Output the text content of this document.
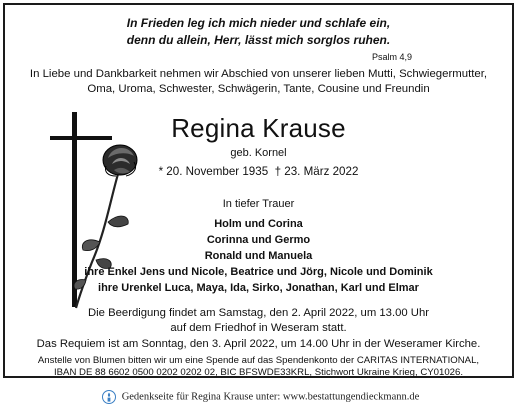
In Frieden leg ich mich nieder und schlafe ein,
denn du allein, Herr, lässt mich sorglos ruhen.
Psalm 4,9
In Liebe und Dankbarkeit nehmen wir Abschied von unserer lieben Mutti, Schwiegermutter,
Oma, Uroma, Schwester, Schwägerin, Tante, Cousine und Freundin
Regina Krause
geb. Kornel
* 20. November 1935 † 23. März 2022
In tiefer Trauer
Holm und Corina
Corinna und Germo
Ronald und Manuela
ihre Enkel Jens und Nicole, Beatrice und Jörg, Nicole und Dominik
ihre Urenkel Luca, Maya, Ida, Sirko, Jonathan, Karl und Elmar
Die Beerdigung findet am Samstag, den 2. April 2022, um 13.00 Uhr
auf dem Friedhof in Weseram statt.
Das Requiem ist am Sonntag, den 3. April 2022, um 14.00 Uhr in der Weseramer Kirche.
Anstelle von Blumen bitten wir um eine Spende auf das Spendenkonto der CARITAS INTERNATIONAL,
IBAN DE 88 6602 0500 0202 0202 02, BIC BFSWDE33KRL, Stichwort Ukraine Krieg, CY01026.
Gedenkseite für Regina Krause unter: www.bestattungendieckmann.de
